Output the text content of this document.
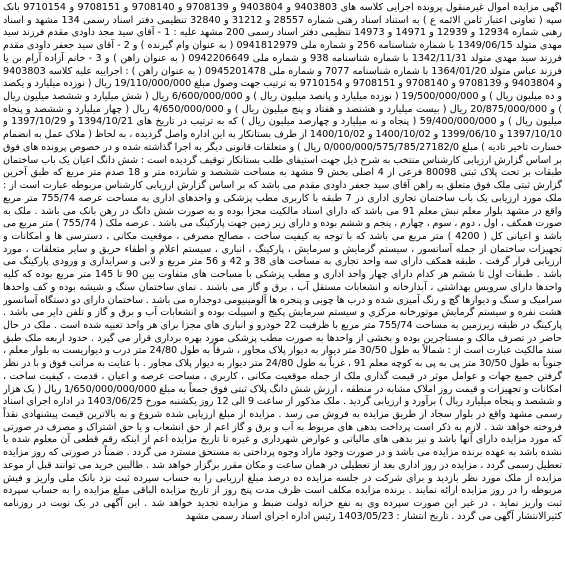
آگهی مزایده اموال غیرمنقول پرونده اجرایی کلاسه های 9403803 و 9403804 و 9708139 و 9708140 و 9708151 و 9710154 بانک سپه ( تعاونی اعتبار ثامن الائمه ع ) به استناد اسناد رهنی شماره 28557 و 31212 و 32840 تنظیمی دفتر اسناد رسمی 134 مشهد و اسناد رهنی شماره 12934 و 12939 و 14971 و 14973 تنظیمی دفتر اسناد رسمی 200 مشهد علیه : 1 - آقای سید مجد داودی مقدم فرزند سید مهدی متولد 1349/06/15 با شماره شناسنامه 256 و شماره ملی 0941812979 ( به عنوان وام گیرنده ) و 2 - آقای سید جعفر داودی مقدم فرزند سید مهدی متولد 1342/11/31 با شماره شناسنامه 938 و شماره ملی 0942206649 ( به عنوان راهن ) و 3 - خانم آزاده آرام بن یا فرزند عباس متولد 1364/01/20 با شماره شناسنامه 7077 و شماره ملی 0945201478 ( به عنوان راهن ) : اجراییه علیه کلاسه 9403803 و 9403804 و 9708139 و 9708140 و 9708151 و 9710154 به ترتیب جهت وصول مبلغ 19/110/000/000 ریال ( نوزده میلیارد و یکصد و ده میلیون ریال ) و 19/500/000/000 ( نوزده میلیارد و پانصد میلیون ریال ) و 6/600/000/000 ریال ( شش میلیارد و ششصد میلیون ریال ) و 20/875/000/000 ریال ( بیست میلیارد و هشتصد و هفتاد و پنج میلیون ریال ) و 4/650/000/000 ریال ( چهار میلیارد و ششصد و پنجاه میلیون ریال ) و 59/400/000/000 ( پنجاه و نه میلیارد و چهارصد میلیون ریال ) که به ترتیب در تاریخ های 1394/10/21 و 1397/10/29 و 1397/10/10 و 1399/06/10 و 1400/10/02 و 1400/10/02 از طرف بستانکار به این اداره واصل گردیده ، به لحاظ ( ملاک عمل به انضمام خسارت تاخیر تادیه ) مبلغ 0/000/000/575/785/27182/0 ریال ) و متعلقات قانونی دیگر به اجرا گذاشته شده و در خصوص پرونده های فوق بر اساس گزارش ارزیابی کارشناس منتخب به شرح ذیل جهت استیفای طلب بستانکار توقیف گردیده است : شش دانگ اعیان یک باب ساختمان طبقات بر تحت پلاک ثبتی 80098 فرعی از 4 اصلی بخش 9 مشهد به مساحت ششصد و شانزده متر و 18 صدم متر مربع که طبق آخرین گزارش ثبتی ملک فوق متعلق به راهن آقای سید جعفر داودی مقدم می باشد که بر اساس گزارش ارزیابی کارشناس مربوطه عبارت است از : ملک مورد ارزیابی یک باب ساختمان تجاری اداری در 7 طبقه با کاربری مطب پزشکی و واحدهای اداری به مساحت عرصه 755/74 متر مربع واقع در مشهد بلوار معلم نبش معلم 91 می باشد که دارای اسناد مالکیت مجزا بوده و به صورت شش دانگ در رهن بانک می باشد . ملک به صورت همکف ، اول ، دوم ، سوم ، چهارم ، پنجم و ششم بوده و دارای زیر زمین جهت پارکینگ می باشد . عرصه ملک ( 755/74 ) متر مربع می باشد و اعیانی کل ( 4200 ) متر مربع می باشد که با توجه به کیفیت ساخت ، مصالح مصرفی ، موقعیت مکانی ، دسترسی ها و امکانات و تجهیزات ساختمان از جمله آسانسور ، سیستم گرمایش و سرمایش ، پارکینگ ، انباری ، سیستم اعلام و اطفاء حریق و سایر متعلقات ، مورد ارزیابی قرار گرفت . طبقه همکف دارای سه واحد تجاری به مساحت های 38 و 42 و 56 متر مربع و لابی و سرایداری و ورودی پارکینگ می باشد . طبقات اول تا ششم هر کدام دارای چهار واحد اداری و مطب پزشکی با مساحت های متفاوت بین 90 تا 145 متر مربع بوده که کلیه واحدها دارای سرویس بهداشتی ، آبدارخانه و انشعابات مستقل آب ، برق و گاز می باشند . نمای ساختمان سنگ و شیشه بوده و کف واحدها سرامیک و سنگ و دیوارها گچ و رنگ آمیزی شده و درب ها چوبی و پنجره ها آلومینیومی دوجداره می باشد . ساختمان دارای دو دستگاه آسانسور هشت نفره و سیستم گرمایش موتورخانه مرکزی و سیستم سرمایش پکیج و اسپیلت بوده و انشعابات آب و برق و گاز و تلفن دایر می باشد . پارکینگ در طبقه زیرزمین به مساحت 755/74 متر مربع با ظرفیت 22 خودرو و انباری های مجزا برای هر واحد تعبیه شده است . ملک در حال حاضر در تصرف مالک و مستاجرین بوده و بخشی از واحدها به صورت مطب پزشکی مورد بهره برداری قرار می گیرد . حدود اربعه ملک طبق سند مالکیت عبارت است از : شمالاً به طول 30/50 متر دیوار به دیوار پلاک مجاور ، شرقاً به طول 24/80 متر درب و دیواریست به بلوار معلم ، جنوباً به طول 30/50 متر پی به پی به کوچه معلم 91 ، غرباً به طول 24/80 متر دیوار به دیوار پلاک مجاور . با عنایت به مراتب فوق و با در نظر گرفتن جمیع جهات و عوامل موثر در قیمت گذاری ملک از جمله موقعیت مکانی ، کاربری ، مساحت عرصه و اعیان ، قدمت ، کیفیت ساخت ، امکانات و تجهیزات و قیمت روز املاک مشابه در منطقه ، ارزش شش دانگ پلاک ثبتی فوق جمعاً به مبلغ 1/650/000/000/000 ریال ( یک هزار و ششصد و پنجاه میلیارد ریال ) برآورد و ارزیابی گردید . ملک مذکور از ساعت 9 الی 12 روز یکشنبه مورخ 1403/06/25 در اداره اجرای اسناد رسمی مشهد واقع در بلوار سجاد از طریق مزایده به فروش می رسد . مزایده از مبلغ ارزیابی شده شروع و به بالاترین قیمت پیشنهادی نقداً فروخته خواهد شد . لازم به ذکر است پرداخت بدهی های مربوط به آب و برق و گاز اعم از حق انشعاب و یا حق اشتراک و مصرف در صورتی که مورد مزایده دارای آنها باشد و نیز بدهی های مالیاتی و عوارض شهرداری و غیره تا تاریخ مزایده اعم از اینکه رقم قطعی آن معلوم شده یا نشده باشد به عهده برنده مزایده می باشد و در صورت وجود مازاد وجوه پرداختی به مستحق مسترد می گردد . ضمناً در صورتی که روز مزایده تعطیل رسمی گردد ، مزایده در روز اداری بعد از تعطیلی در همان ساعت و مکان مقرر برگزار خواهد شد . طالبین خرید می توانند قبل از موعد مزایده از ملک مورد نظر بازدید و برای شرکت در جلسه مزایده ده درصد مبلغ ارزیابی را به حساب سپرده ثبت نزد بانک ملی واریز و فیش مربوطه را در روز مزایده ارائه نمایند . برنده مزایده مکلف است ظرف مدت پنج روز از تاریخ مزایده الباقی مبلغ مزایده را به حساب سپرده ثبت واریز نماید ، در غیر این صورت سپرده وی به نفع خزانه دولت ضبط و مزایده تجدید خواهد شد . این آگهی در یک نوبت در روزنامه کثیرالانتشار آگهی می گردد . تاریخ انتشار : 1403/05/23 رئیس اداره اجرای اسناد رسمی مشهد
